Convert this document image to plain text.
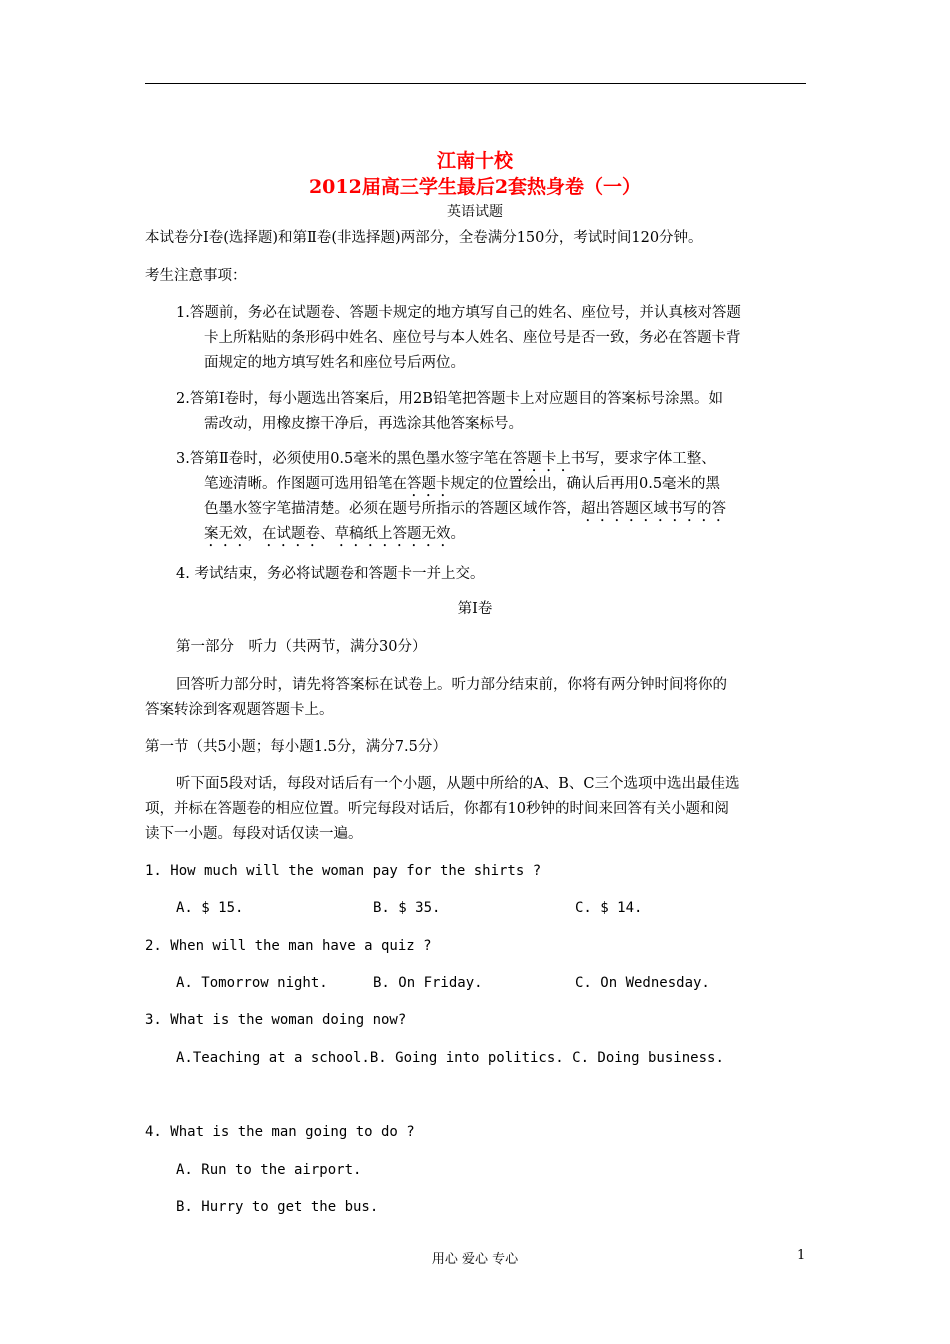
江南十校
2012届高三学生最后2套热身卷（一）
英语试题
本试卷分Ⅰ卷(选择题)和第Ⅱ卷(非选择题)两部分，全卷满分150分，考试时间120分钟。
考生注意事项：
1.答题前，务必在试题卷、答题卡规定的地方填写自己的姓名、座位号，并认真核对答题
卡上所粘贴的条形码中姓名、座位号与本人姓名、座位号是否一致，务必在答题卡背
面规定的地方填写姓名和座位号后两位。
2.答第Ⅰ卷时，每小题选出答案后，用2B铅笔把答题卡上对应题目的答案标号涂黑。如
需改动，用橡皮擦干净后，再选涂其他答案标号。
3.答第Ⅱ卷时，必须使用0.5毫米的黑色墨水签字笔在答题卡上书写，要求字体工整、
笔迹清晰。作图题可选用铅笔在答题卡规定的位置绘出，确认后再用0.5毫米的黑
色墨水签字笔描清楚。必须在题号所指示的答题区域作答，超出答题区域书写的答
案无效，在试题卷、草稿纸上答题无效。
4. 考试结束，务必将试题卷和答题卡一并上交。
第Ⅰ卷
第一部分　听力（共两节，满分30分）
回答听力部分时，请先将答案标在试卷上。听力部分结束前，你将有两分钟时间将你的
答案转涂到客观题答题卡上。
第一节（共5小题；每小题1.5分，满分7.5分）
听下面5段对话，每段对话后有一个小题，从题中所给的A、B、C三个选项中选出最佳选
项，并标在答题卷的相应位置。听完每段对话后，你都有10秒钟的时间来回答有关小题和阅
读下一小题。每段对话仅读一遍。
1. How much will the woman pay for the shirts ?
A. $ 15.	B. $ 35.	C. $ 14.
2. When will the man have a quiz ?
A. Tomorrow night.	B. On Friday.	C. On Wednesday.
3. What is the woman doing now?
A.Teaching at a school.B. Going into politics. C. Doing business.
4. What is the man going to do ?
A. Run to the airport.
B. Hurry to get the bus.
用心 爱心 专心	1
